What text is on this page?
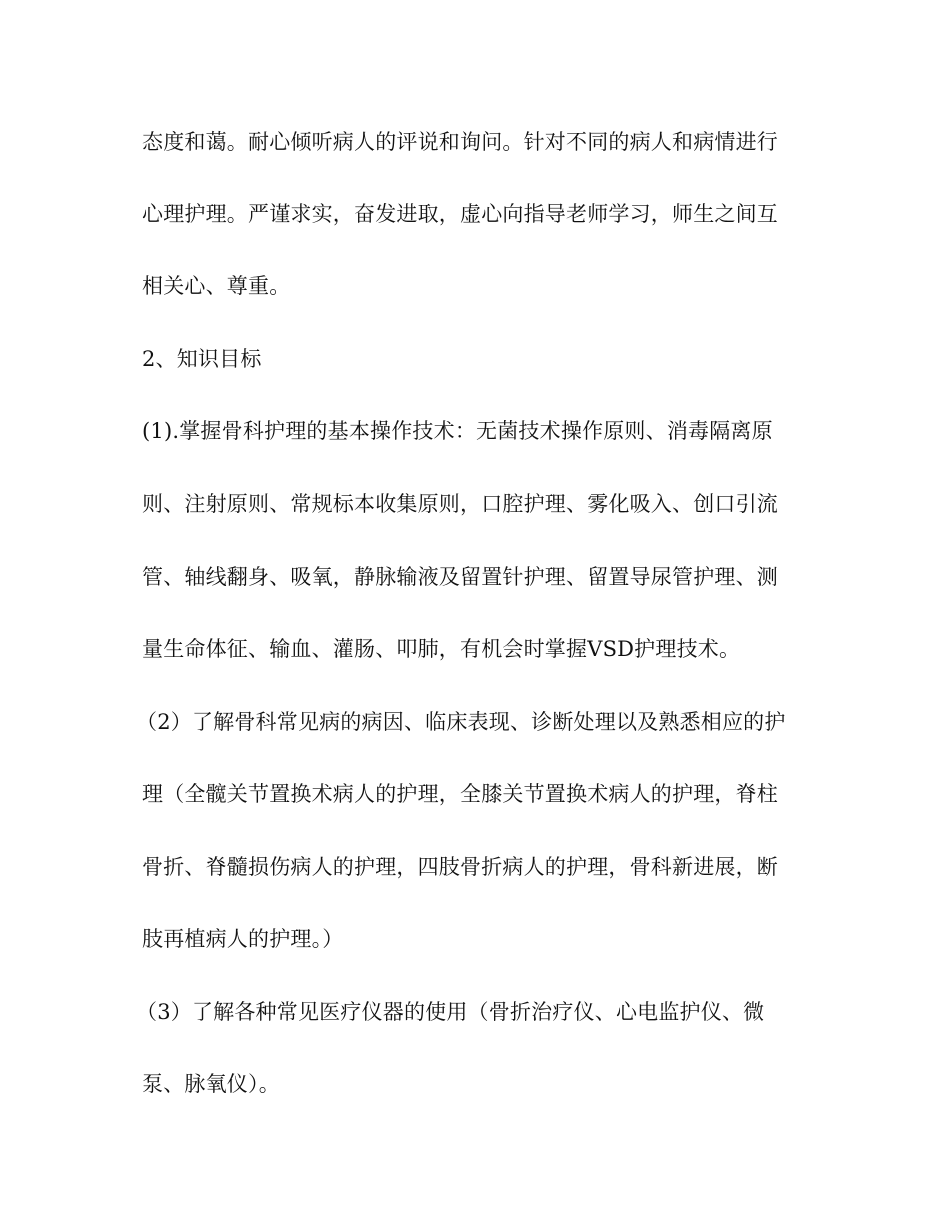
态度和蔼。耐心倾听病人的评说和询问。针对不同的病人和病情进行
心理护理。严谨求实，奋发进取，虚心向指导老师学习，师生之间互
相关心、尊重。
2、知识目标
(1).掌握骨科护理的基本操作技术：无菌技术操作原则、消毒隔离原
则、注射原则、常规标本收集原则，口腔护理、雾化吸入、创口引流
管、轴线翻身、吸氧，静脉输液及留置针护理、留置导尿管护理、测
量生命体征、输血、灌肠、叩肺，有机会时掌握VSD护理技术。
（2）了解骨科常见病的病因、临床表现、诊断处理以及熟悉相应的护
理（全髋关节置换术病人的护理，全膝关节置换术病人的护理，脊柱
骨折、脊髓损伤病人的护理，四肢骨折病人的护理，骨科新进展，断
肢再植病人的护理。）
（3）了解各种常见医疗仪器的使用（骨折治疗仪、心电监护仪、微
泵、脉氧仪）。
